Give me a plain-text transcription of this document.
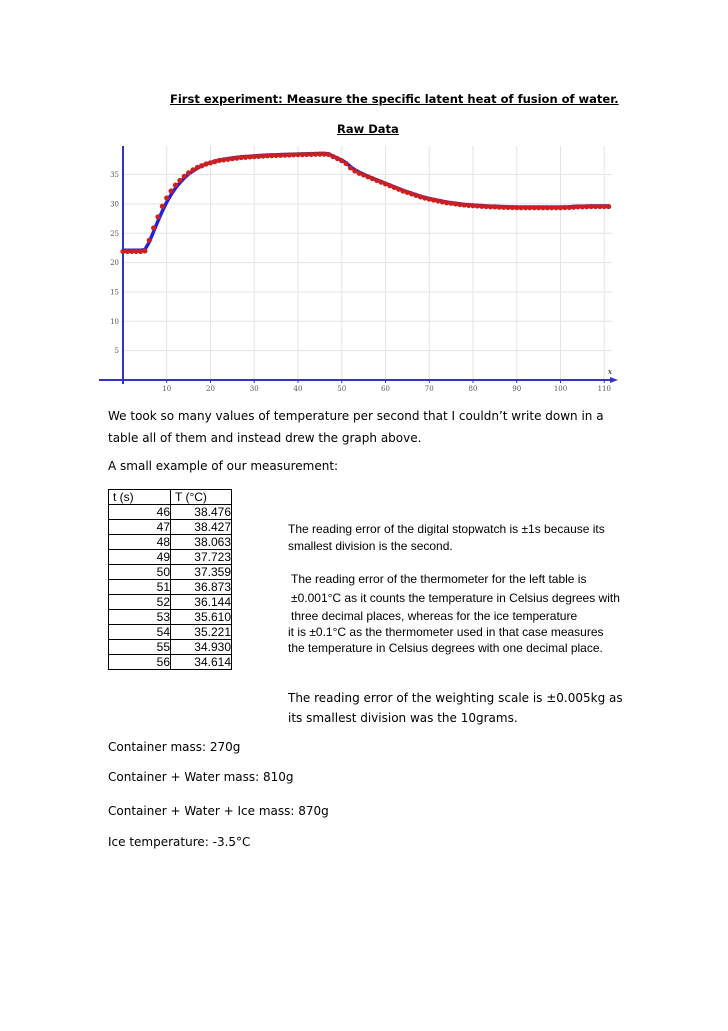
First experiment: Measure the specific latent heat of fusion of water.
Raw Data
10	20	30	40	50	60	70	80	90	100	110
5
10
15
20
25
30
35
x
We took so many values of temperature per second that I couldn’t write down in a table all of them and instead drew the graph above.
A small example of our measurement:
t (s)	T (°C)
46	38.476
47	38.427
48	38.063
49	37.723
50	37.359
51	36.873
52	36.144
53	35.610
54	35.221
55	34.930
56	34.614
The reading error of the digital stopwatch is ±1s because its smallest division is the second.
The reading error of the thermometer for the left table is ±0.001°C as it counts the temperature in Celsius degrees with three decimal places, whereas for the ice temperature
it is ±0.1°C as the thermometer used in that case measures the temperature in Celsius degrees with one decimal place.
The reading error of the weighting scale is ±0.005kg as its smallest division was the 10grams.
Container mass: 270g
Container + Water mass: 810g
Container + Water + Ice mass: 870g
Ice temperature: -3.5°C
